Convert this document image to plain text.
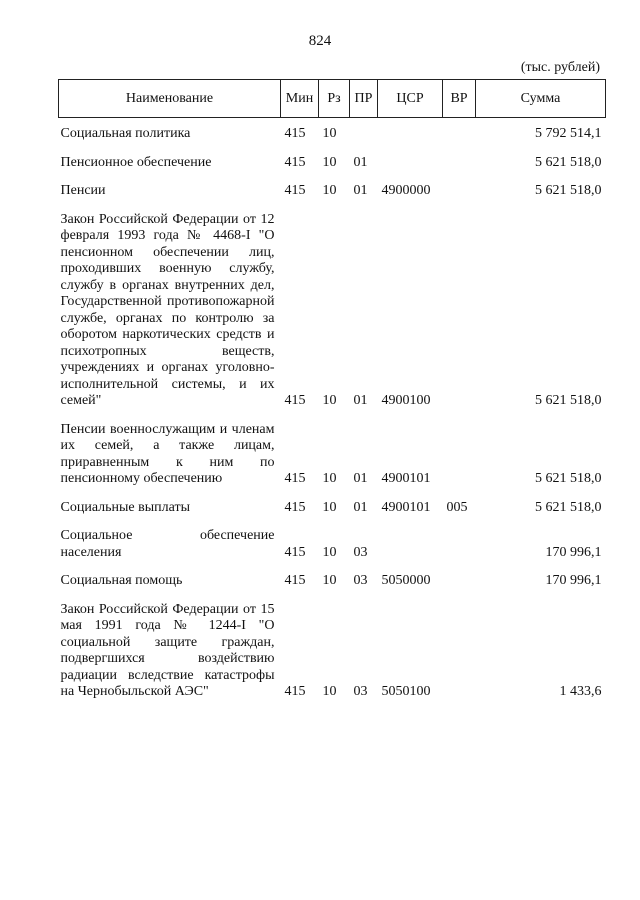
824
(тыс. рублей)
Наименование	Мин	Рз	ПР	ЦСР	ВР	Сумма

Социальная политика	415	10				5 792 514,1
Пенсионное обеспечение	415	10	01			5 621 518,0
Пенсии	415	10	01	4900000		5 621 518,0
Закон Российской Федерации от 12 февраля 1993 года № 4468-I "О пенсионном обеспечении лиц, проходивших военную службу, службу в органах внутренних дел, Государственной противопожарной службе, органах по контролю за оборотом наркотических средств и психотропных веществ, учреждениях и органах уголовно-исполнительной системы, и их семей"	415	10	01	4900100		5 621 518,0
Пенсии военнослужащим и членам их семей, а также лицам, приравненным к ним по пенсионному обеспечению	415	10	01	4900101		5 621 518,0
Социальные выплаты	415	10	01	4900101	005	5 621 518,0
Социальное обеспечение населения	415	10	03			170 996,1
Социальная помощь	415	10	03	5050000		170 996,1
Закон Российской Федерации от 15 мая 1991 года № 1244-I "О социальной защите граждан, подвергшихся воздействию радиации вследствие катастрофы на Чернобыльской АЭС"	415	10	03	5050100		1 433,6
